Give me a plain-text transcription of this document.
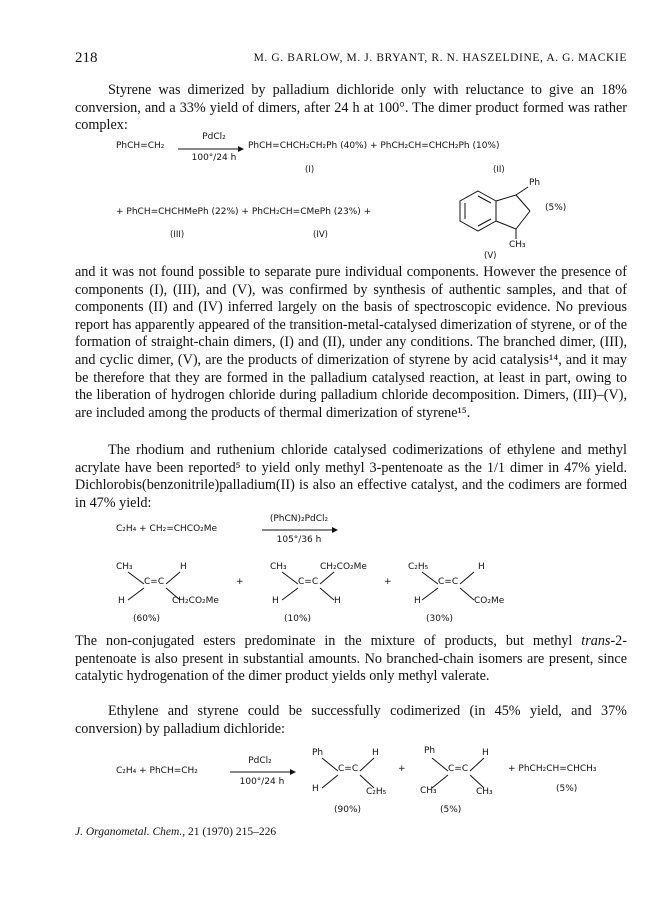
218	M. G. BARLOW, M. J. BRYANT, R. N. HASZELDINE, A. G. MACKIE
Styrene was dimerized by palladium dichloride only with reluctance to give an 18% conversion, and a 33% yield of dimers, after 24 h at 100°. The dimer product formed was rather complex:
PhCH=CH₂
PdCl₂
100°/24 h
PhCH=CHCH₂CH₂Ph (40%) + PhCH₂CH=CHCH₂Ph (10%)
(I)	(II)
+ PhCH=CHCHMePh (22%) + PhCH₂CH=CMePh (23%) +
(III)	(IV)
Ph
CH₃
(5%)
(V)
and it was not found possible to separate pure individual components. However the presence of components (I), (III), and (V), was confirmed by synthesis of authentic samples, and that of components (II) and (IV) inferred largely on the basis of spectroscopic evidence. No previous report has apparently appeared of the transition-metal-catalysed dimerization of styrene, or of the formation of straight-chain dimers, (I) and (II), under any conditions. The branched dimer, (III), and cyclic dimer, (V), are the products of dimerization of styrene by acid catalysis¹⁴, and it may be therefore that they are formed in the palladium catalysed reaction, at least in part, owing to the liberation of hydrogen chloride during palladium chloride decomposition. Dimers, (III)–(V), are included among the products of thermal dimerization of styrene¹⁵.
The rhodium and ruthenium chloride catalysed codimerizations of ethylene and methyl acrylate have been reported⁵ to yield only methyl 3-pentenoate as the 1/1 dimer in 47% yield. Dichlorobis(benzonitrile)palladium(II) is also an effective catalyst, and the codimers are formed in 47% yield:
C₂H₄ + CH₂=CHCO₂Me
(PhCN)₂PdCl₂
105°/36 h
CH₃	H
C=C
H	CH₂CO₂Me
(60%)
+
CH₃	CH₂CO₂Me
C=C
H	H
(10%)
+
C₂H₅	H
C=C
H	CO₂Me
(30%)
The non-conjugated esters predominate in the mixture of products, but methyl trans-2-pentenoate is also present in substantial amounts. No branched-chain isomers are present, since catalytic hydrogenation of the dimer product yields only methyl valerate.
Ethylene and styrene could be successfully codimerized (in 45% yield, and 37% conversion) by palladium dichloride:
C₂H₄ + PhCH=CH₂
PdCl₂
100°/24 h
Ph	H
C=C
H	C₂H₅
(90%)
+
Ph	H
C=C
CH₃	CH₃
(5%)
+ PhCH₂CH=CHCH₃
(5%)
J. Organometal. Chem., 21 (1970) 215–226
